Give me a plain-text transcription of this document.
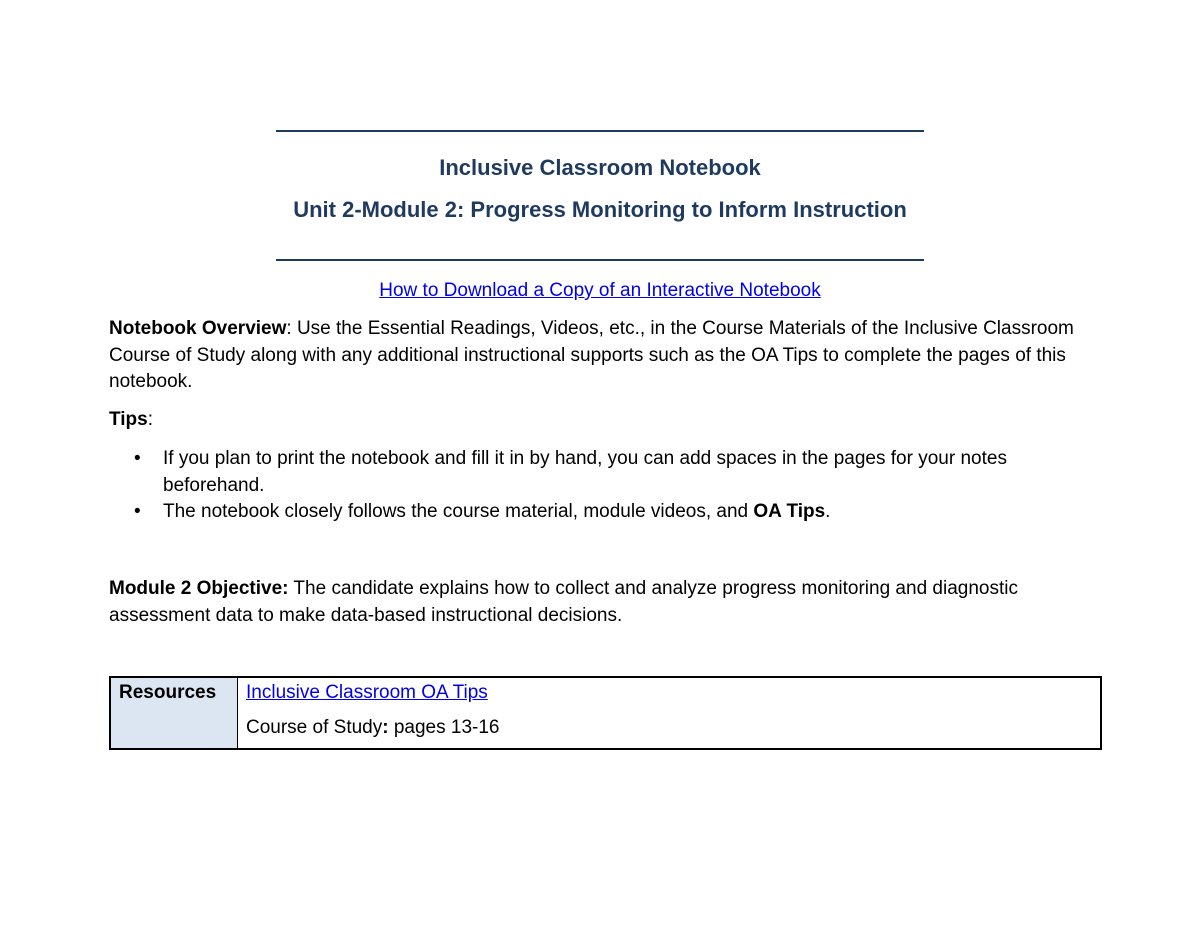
Inclusive Classroom Notebook
Unit 2-Module 2: Progress Monitoring to Inform Instruction
How to Download a Copy of an Interactive Notebook

Notebook Overview: Use the Essential Readings, Videos, etc., in the Course Materials of the Inclusive Classroom Course of Study along with any additional instructional supports such as the OA Tips to complete the pages of this notebook.

Tips:

• If you plan to print the notebook and fill it in by hand, you can add spaces in the pages for your notes beforehand.
• The notebook closely follows the course material, module videos, and OA Tips.

Module 2 Objective: The candidate explains how to collect and analyze progress monitoring and diagnostic assessment data to make data-based instructional decisions.

Resources	Inclusive Classroom OA Tips
Course of Study: pages 13-16
